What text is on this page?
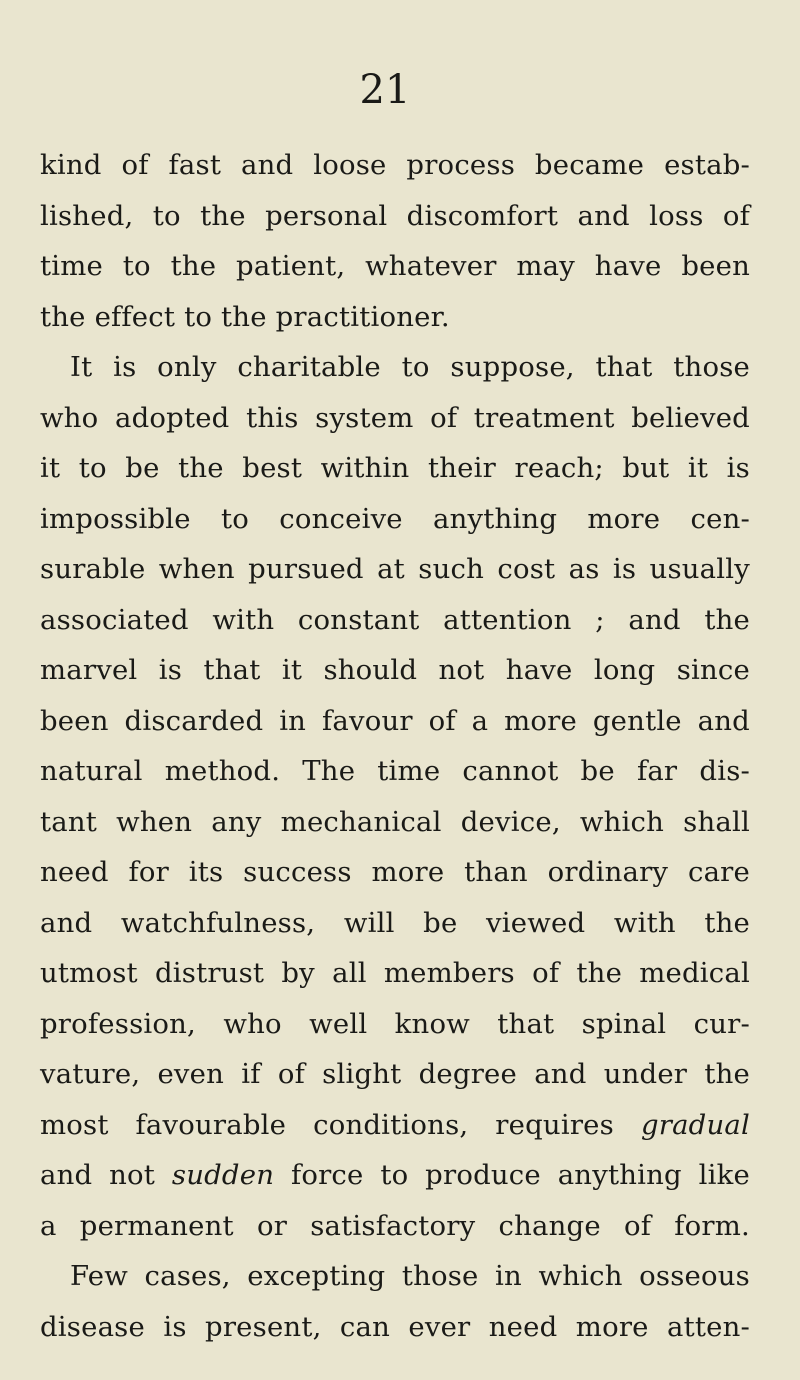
21
kind of fast and loose process became estab-
lished, to the personal discomfort and loss of
time to the patient, whatever may have been
the effect to the practitioner.
It is only charitable to suppose, that those
who adopted this system of treatment believed
it to be the best within their reach; but it is
impossible to conceive anything more cen-
surable when pursued at such cost as is usually
associated with constant attention ; and the
marvel is that it should not have long since
been discarded in favour of a more gentle and
natural method. The time cannot be far dis-
tant when any mechanical device, which shall
need for its success more than ordinary care
and watchfulness, will be viewed with the
utmost distrust by all members of the medical
profession, who well know that spinal cur-
vature, even if of slight degree and under the
most favourable conditions, requires gradual
and not sudden force to produce anything like
a permanent or satisfactory change of form.
Few cases, excepting those in which osseous
disease is present, can ever need more atten-
